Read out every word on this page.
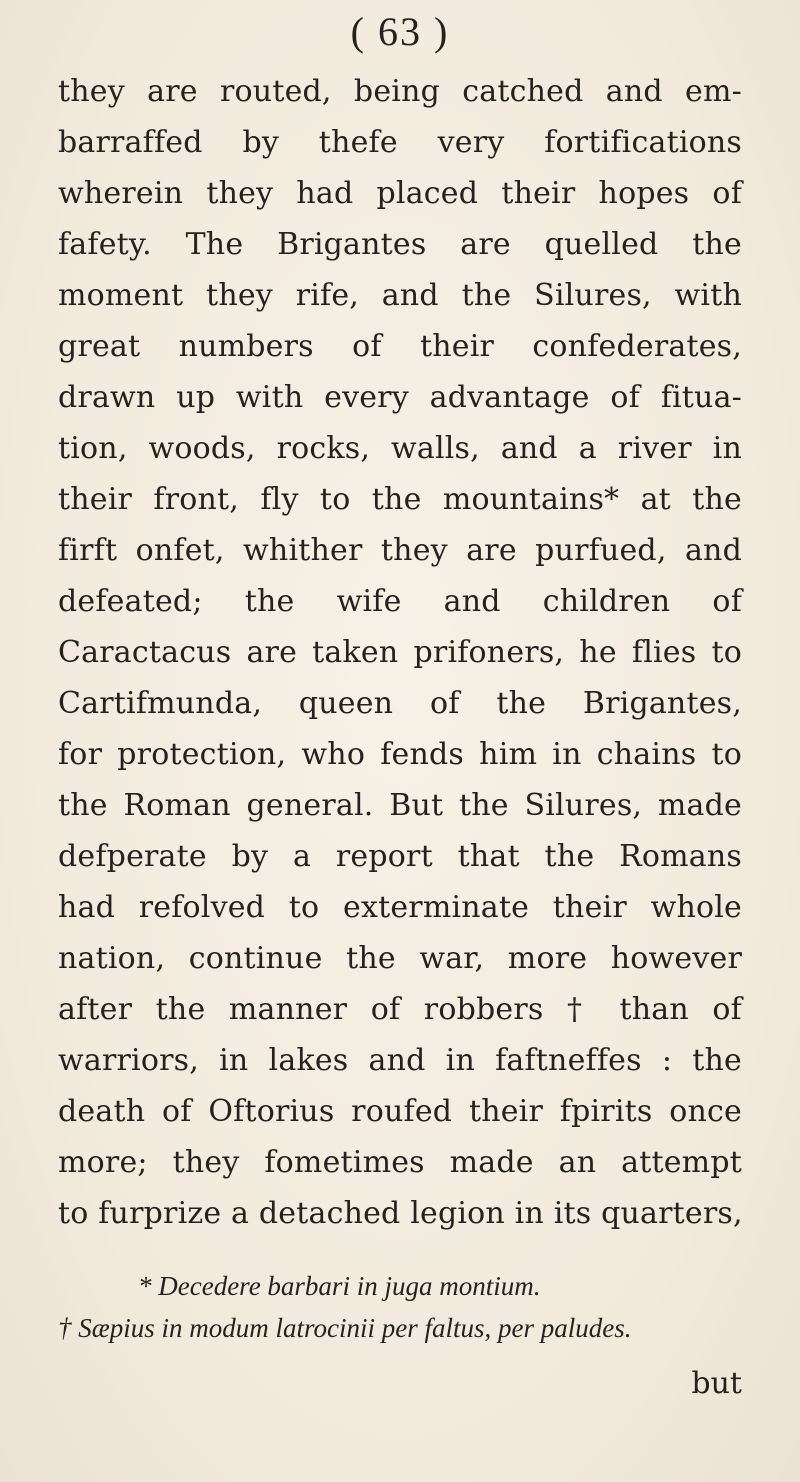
( 63 )
they are routed, being catched and em-
barraffed by thefe very fortifications
wherein they had placed their hopes of
fafety. The Brigantes are quelled the
moment they rife, and the Silures, with
great numbers of their confederates,
drawn up with every advantage of fitua-
tion, woods, rocks, walls, and a river in
their front, fly to the mountains* at the
firft onfet, whither they are purfued, and
defeated; the wife and children of
Caractacus are taken prifoners, he flies to
Cartifmunda, queen of the Brigantes,
for protection, who fends him in chains to
the Roman general. But the Silures, made
defperate by a report that the Romans
had refolved to exterminate their whole
nation, continue the war, more however
after the manner of robbers † than of
warriors, in lakes and in faftneffes : the
death of Oftorius roufed their fpirits once
more; they fometimes made an attempt
to furprize a detached legion in its quarters,
* Decedere barbari in juga montium.
† Sæpius in modum latrocinii per faltus, per paludes.
but
